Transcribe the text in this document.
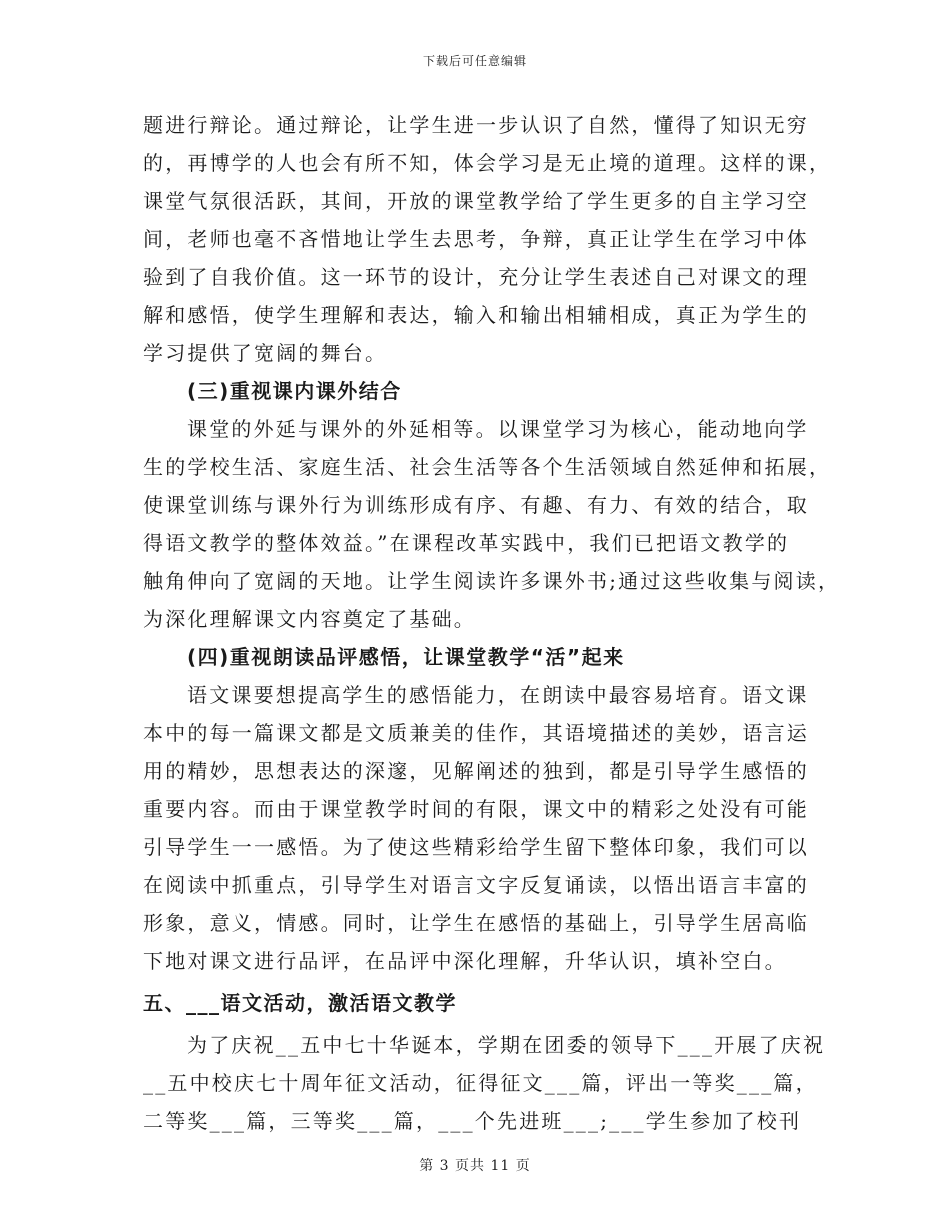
下载后可任意编辑
题进行辩论。通过辩论，让学生进一步认识了自然，懂得了知识无穷
的，再博学的人也会有所不知，体会学习是无止境的道理。这样的课，
课堂气氛很活跃，其间，开放的课堂教学给了学生更多的自主学习空
间，老师也毫不吝惜地让学生去思考，争辩，真正让学生在学习中体
验到了自我价值。这一环节的设计，充分让学生表述自己对课文的理
解和感悟，使学生理解和表达，输入和输出相辅相成，真正为学生的
学习提供了宽阔的舞台。
(三)重视课内课外结合
课堂的外延与课外的外延相等。以课堂学习为核心，能动地向学
生的学校生活、家庭生活、社会生活等各个生活领域自然延伸和拓展，
使课堂训练与课外行为训练形成有序、有趣、有力、有效的结合，取
得语文教学的整体效益。”在课程改革实践中，我们已把语文教学的
触角伸向了宽阔的天地。让学生阅读许多课外书;通过这些收集与阅读，
为深化理解课文内容奠定了基础。
(四)重视朗读品评感悟，让课堂教学“活”起来
语文课要想提高学生的感悟能力，在朗读中最容易培育。语文课
本中的每一篇课文都是文质兼美的佳作，其语境描述的美妙，语言运
用的精妙，思想表达的深邃，见解阐述的独到，都是引导学生感悟的
重要内容。而由于课堂教学时间的有限，课文中的精彩之处没有可能
引导学生一一感悟。为了使这些精彩给学生留下整体印象，我们可以
在阅读中抓重点，引导学生对语言文字反复诵读，以悟出语言丰富的
形象，意义，情感。同时，让学生在感悟的基础上，引导学生居高临
下地对课文进行品评，在品评中深化理解，升华认识，填补空白。
五、___语文活动，激活语文教学
为了庆祝__五中七十华诞本，学期在团委的领导下___开展了庆祝
__五中校庆七十周年征文活动，征得征文___篇，评出一等奖___篇，
二等奖___篇，三等奖___篇，___个先进班___;___学生参加了校刊
第 3 页共 11 页
